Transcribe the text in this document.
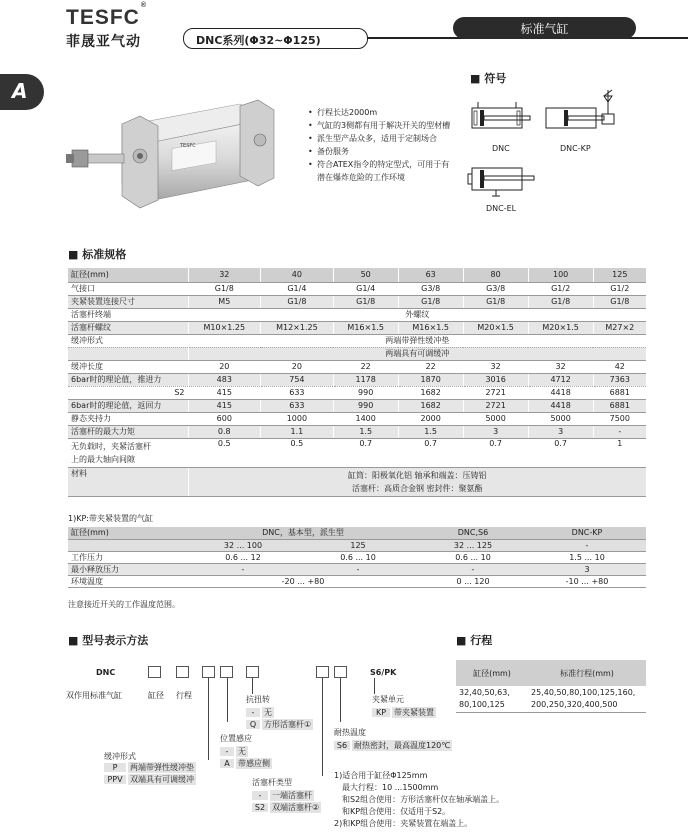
TESFC®
菲晟亚气动	DNC系列(Φ32~Φ125)
标准气缸
A
TESFC
• 行程长达2000m
• 气缸的3侧都有用于解决开关的型材槽
• 派生型产品众多，适用于定制场合
• 备份服务
• 符合ATEX指令的特定型式，可用于有
潜在爆炸危险的工作环境
■ 符号
DNC	DNC-KP
DNC-EL
■ 标准规格
缸径(mm)	32	40	50	63	80	100	125
气接口	G1/8	G1/4	G1/4	G3/8	G3/8	G1/2	G1/2
夹紧装置连接尺寸	M5	G1/8	G1/8	G1/8	G1/8	G1/8	G1/8
活塞杆终端	外螺纹						
活塞杆螺纹	M10×1.25	M12×1.25	M16×1.5	M16×1.5	M20×1.5	M20×1.5	M27×2
缓冲形式	两端带弹性缓冲垫						
	两端具有可调缓冲						
缓冲长度	20	20	22	22	32	32	42
6bar时的理论值，推进力	483	754	1178	1870	3016	4712	7363
S2	415	633	990	1682	2721	4418	6881
6bar时的理论值，返回力	415	633	990	1682	2721	4418	6881
静态夹持力	600	1000	1400	2000	5000	5000	7500
活塞杆的最大力矩	0.8	1.1	1.5	1.5	3	3	-

无负载时，夹紧活塞杆
上的最大轴向间隙	0.5	0.5	0.7	0.7	0.7	0.7	1
材料	缸筒：阳极氧化铝 轴承和端盖：压铸铝
活塞杆：高质合金钢 密封件：聚氨酯						
1)KP:带夹紧装置的气缸
缸径(mm)	DNC，基本型，派生型		DNC,S6	DNC-KP
	32 ... 100	125	32 ... 125	-
工作压力	0.6 ... 12	0.6 ... 10	0.6 ... 10	1.5 ... 10
最小释放压力	-	-	-	3
环境温度	-20 ... +80		0 ... 120	-10 ... +80
注意接近开关的工作温度范围。
■ 型号表示方法
DNC	S6/PK
双作用标准气缸	缸径 行程	抗扭转
- 无
Q 方形活塞杆①
位置感应
- 无
A 带感应侧
缓冲形式
P 两端带弹性缓冲垫
PPV 双端具有可调缓冲	活塞杆类型
- 一端活塞杆
S2 双端活塞杆②
夹紧单元
KP 带夹紧装置
耐热温度
S6 耐热密封，最高温度120℃
1)适合用于缸径Φ125mm
最大行程：10 ...1500mm
和S2组合使用：方形活塞杆仅在轴承端盖上。
和KP组合使用：仅适用于S2。
2)和KP组合使用：夹紧装置在端盖上。
■ 行程
缸径(mm)	标准行程(mm)
32,40,50,63,
80,100,125	25,40,50,80,100,125,160,
200,250,320,400,500
